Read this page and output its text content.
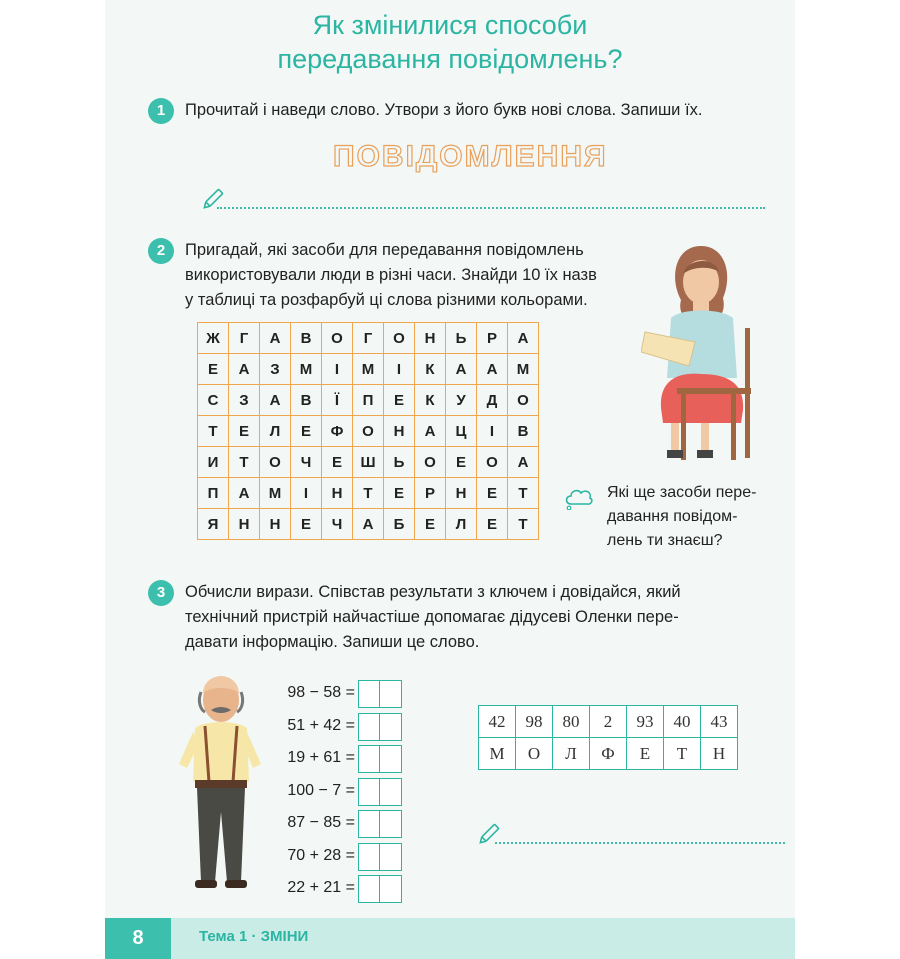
Як змінилися способи
передавання повідомлень?
1	Прочитай і наведи слово. Утвори з його букв нові слова. Запиши їх.
ПОВІДОМЛЕННЯ
2	Пригадай, які засоби для передавання повідомлень
використовували люди в різні часи. Знайди 10 їх назв
у таблиці та розфарбуй ці слова різними кольорами.
Ж	Г	А	В	О	Г	О	Н	Ь	Р	А
Е	А	З	М	І	М	І	К	А	А	М
С	З	А	В	Ї	П	Е	К	У	Д	О
Т	Е	Л	Е	Ф	О	Н	А	Ц	І	В
И	Т	О	Ч	Е	Ш	Ь	О	Е	О	А
П	А	М	І	Н	Т	Е	Р	Н	Е	Т
Я	Н	Н	Е	Ч	А	Б	Е	Л	Е	Т
Які ще засоби пере-
давання повідом-
лень ти знаєш?
3	Обчисли вирази. Співстав результати з ключем і довідайся, який
технічний пристрій найчастіше допомагає дідусеві Оленки пере-
давати інформацію. Запиши це слово.
98 − 58 =
51 + 42 =
19 + 61 =
100 − 7 =
87 − 85 =
70 + 28 =
22 + 21 =
42	98	80	2	93	40	43
М	О	Л	Ф	Е	Т	Н
8	Тема 1 · ЗМІНИ
